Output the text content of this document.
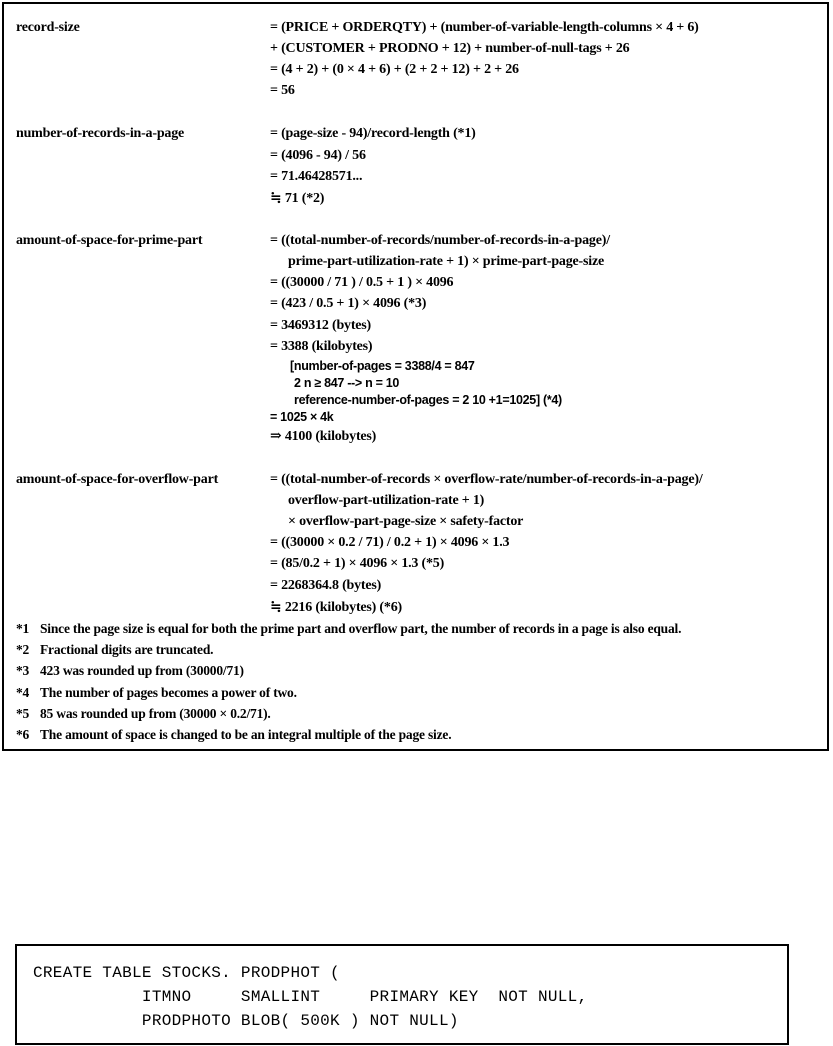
record-size	= (PRICE + ORDERQTY) + (number-of-variable-length-columns × 4 + 6)
+ (CUSTOMER + PRODNO + 12) + number-of-null-tags + 26
= (4 + 2) + (0 × 4 + 6) + (2 + 2 + 12) + 2 + 26
= 56
number-of-records-in-a-page	= (page-size - 94)/record-length (*1)
= (4096 - 94) / 56
= 71.46428571...
≒ 71 (*2)
amount-of-space-for-prime-part	= ((total-number-of-records/number-of-records-in-a-page)/
prime-part-utilization-rate + 1) × prime-part-page-size
= ((30000 / 71 ) / 0.5 + 1 ) × 4096
= (423 / 0.5 + 1) × 4096 (*3)
= 3469312 (bytes)
= 3388 (kilobytes)
[number-of-pages = 3388/4 = 847
2 n ≥ 847 --> n = 10
reference-number-of-pages = 2 10 +1=1025] (*4)
= 1025 × 4k
⇒ 4100 (kilobytes)
amount-of-space-for-overflow-part	= ((total-number-of-records × overflow-rate/number-of-records-in-a-page)/
overflow-part-utilization-rate + 1)
× overflow-part-page-size × safety-factor
= ((30000 × 0.2 / 71) / 0.2 + 1) × 4096 × 1.3
= (85/0.2 + 1) × 4096 × 1.3 (*5)
= 2268364.8 (bytes)
≒ 2216 (kilobytes) (*6)
*1 Since the page size is equal for both the prime part and overflow part, the number of records in a page is also equal.
*2 Fractional digits are truncated.
*3 423 was rounded up from (30000/71)
*4 The number of pages becomes a power of two.
*5 85 was rounded up from (30000 × 0.2/71).
*6 The amount of space is changed to be an integral multiple of the page size.
CREATE TABLE STOCKS. PRODPHOT (
ITMNO     SMALLINT     PRIMARY KEY  NOT NULL,
PRODPHOTO BLOB( 500K ) NOT NULL)
